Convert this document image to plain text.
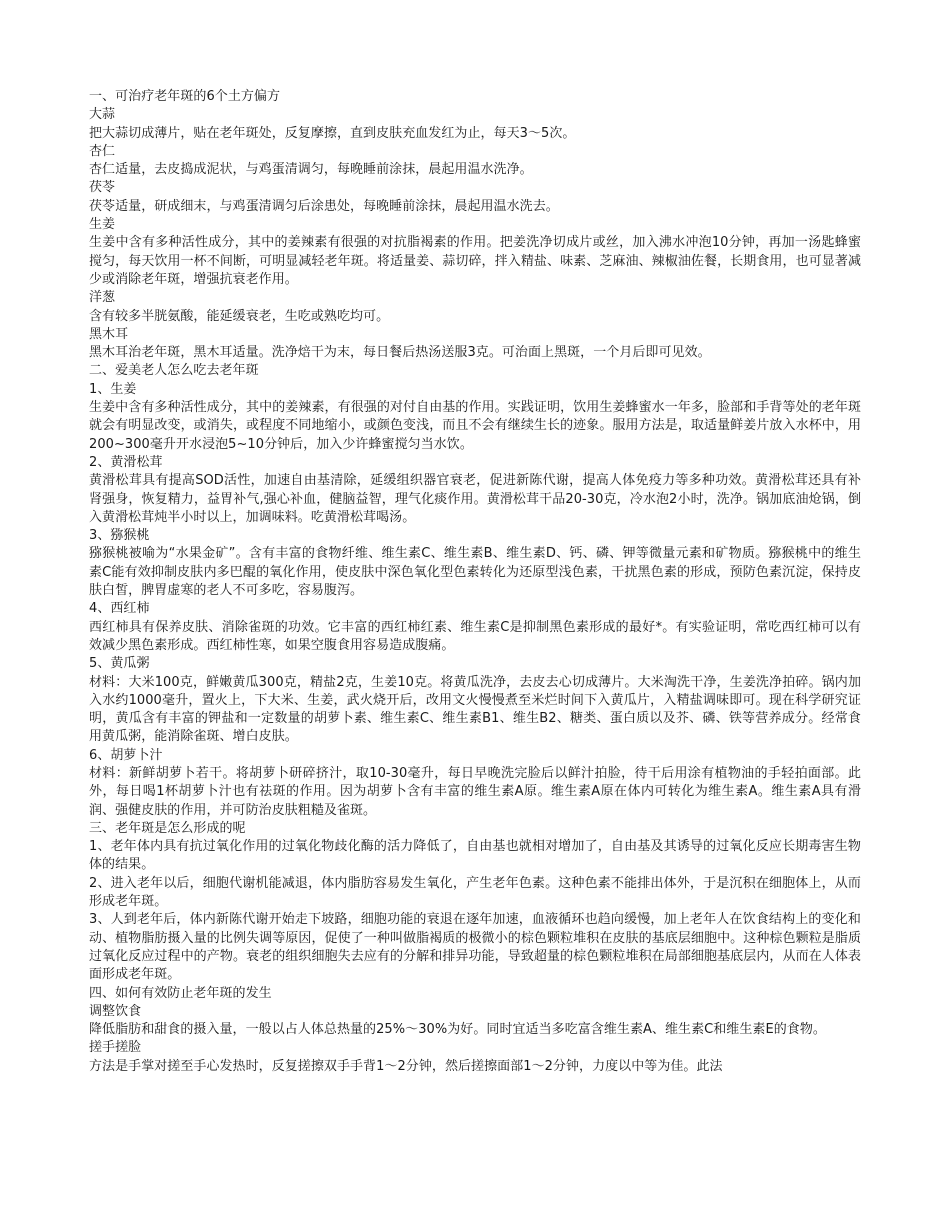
一、可治疗老年斑的6个土方偏方

大蒜

把大蒜切成薄片，贴在老年斑处，反复摩擦，直到皮肤充血发红为止，每天3～5次。

杏仁

杏仁适量，去皮捣成泥状，与鸡蛋清调匀，每晚睡前涂抹，晨起用温水洗净。

茯苓

茯苓适量，研成细末，与鸡蛋清调匀后涂患处，每晚睡前涂抹，晨起用温水洗去。

生姜

生姜中含有多种活性成分，其中的姜辣素有很强的对抗脂褐素的作用。把姜洗净切成片或丝，加入沸水冲泡10分钟，再加一汤匙蜂蜜搅匀，每天饮用一杯不间断，可明显减轻老年斑。将适量姜、蒜切碎，拌入精盐、味素、芝麻油、辣椒油佐餐，长期食用，也可显著减少或消除老年斑，增强抗衰老作用。

洋葱

含有较多半胱氨酸，能延缓衰老，生吃或熟吃均可。

黑木耳

黑木耳治老年斑，黑木耳适量。洗净焙干为末，每日餐后热汤送服3克。可治面上黑斑，一个月后即可见效。

二、爱美老人怎么吃去老年斑

1、生姜

生姜中含有多种活性成分，其中的姜辣素，有很强的对付自由基的作用。实践证明，饮用生姜蜂蜜水一年多，脸部和手背等处的老年斑就会有明显改变，或消失，或程度不同地缩小，或颜色变浅，而且不会有继续生长的迹象。服用方法是，取适量鲜姜片放入水杯中，用200~300毫升开水浸泡5~10分钟后，加入少许蜂蜜搅匀当水饮。

2、黄滑松茸

黄滑松茸具有提高SOD活性，加速自由基清除，延缓组织器官衰老，促进新陈代谢，提高人体免疫力等多种功效。黄滑松茸还具有补肾强身，恢复精力，益胃补气,强心补血，健脑益智，理气化痰作用。黄滑松茸干品20-30克，冷水泡2小时，洗净。锅加底油炝锅，倒入黄滑松茸炖半小时以上，加调味料。吃黄滑松茸喝汤。

3、猕猴桃

猕猴桃被喻为“水果金矿”。含有丰富的食物纤维、维生素C、维生素B、维生素D、钙、磷、钾等微量元素和矿物质。猕猴桃中的维生素C能有效抑制皮肤内多巴醌的氧化作用，使皮肤中深色氧化型色素转化为还原型浅色素，干扰黑色素的形成，预防色素沉淀，保持皮肤白皙，脾胃虚寒的老人不可多吃，容易腹泻。

4、西红柿

西红柿具有保养皮肤、消除雀斑的功效。它丰富的西红柿红素、维生素C是抑制黑色素形成的最好*。有实验证明，常吃西红柿可以有效减少黑色素形成。西红柿性寒，如果空腹食用容易造成腹痛。

5、黄瓜粥

材料：大米100克，鲜嫩黄瓜300克，精盐2克，生姜10克。将黄瓜洗净，去皮去心切成薄片。大米淘洗干净，生姜洗净拍碎。锅内加入水约1000毫升，置火上，下大米、生姜，武火烧开后，改用文火慢慢煮至米烂时间下入黄瓜片，入精盐调味即可。现在科学研究证明，黄瓜含有丰富的钾盐和一定数量的胡萝卜素、维生素C、维生素B1、维生B2、糖类、蛋白质以及芥、磷、铁等营养成分。经常食用黄瓜粥，能消除雀斑、增白皮肤。

6、胡萝卜汁

材料：新鲜胡萝卜若干。将胡萝卜研碎挤汁，取10-30毫升，每日早晚洗完脸后以鲜汁拍脸，待干后用涂有植物油的手轻拍面部。此外，每日喝1杯胡萝卜汁也有祛斑的作用。因为胡萝卜含有丰富的维生素A原。维生素A原在体内可转化为维生素A。维生素A具有滑润、强健皮肤的作用，并可防治皮肤粗糙及雀斑。

三、老年斑是怎么形成的呢

1、老年体内具有抗过氧化作用的过氧化物歧化酶的活力降低了，自由基也就相对增加了，自由基及其诱导的过氧化反应长期毒害生物体的结果。

2、进入老年以后，细胞代谢机能减退，体内脂肪容易发生氧化，产生老年色素。这种色素不能排出体外，于是沉积在细胞体上，从而形成老年斑。

3、人到老年后，体内新陈代谢开始走下坡路，细胞功能的衰退在逐年加速，血液循环也趋向缓慢，加上老年人在饮食结构上的变化和动、植物脂肪摄入量的比例失调等原因，促使了一种叫做脂褐质的极微小的棕色颗粒堆积在皮肤的基底层细胞中。这种棕色颗粒是脂质过氧化反应过程中的产物。衰老的组织细胞失去应有的分解和排异功能，导致超量的棕色颗粒堆积在局部细胞基底层内，从而在人体表面形成老年斑。

四、如何有效防止老年斑的发生

调整饮食

降低脂肪和甜食的摄入量，一般以占人体总热量的25%～30%为好。同时宜适当多吃富含维生素A、维生素C和维生素E的食物。

搓手搓脸

方法是手掌对搓至手心发热时，反复搓擦双手手背1～2分钟，然后搓擦面部1～2分钟，力度以中等为佳。此法
